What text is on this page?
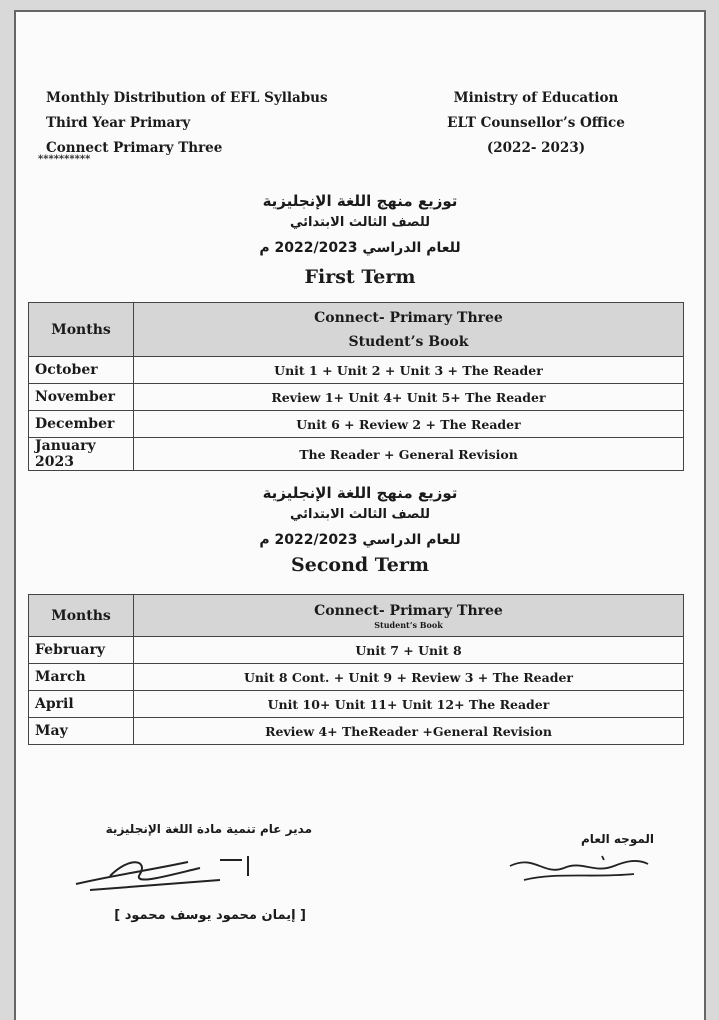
Monthly Distribution of EFL Syllabus
Third Year Primary
Connect Primary Three
**********
Ministry of Education
ELT Counsellor’s Office
(2022- 2023)
توزيع منهج اللغة الإنجليزية
للصف الثالث الابتدائي
للعام الدراسي 2022/2023 م
First Term
Months	Connect- Primary Three
Student’s Book

October	Unit 1 + Unit 2 + Unit 3 + The Reader
November	Review 1+ Unit 4+ Unit 5+ The Reader
December	Unit 6 + Review 2 + The Reader
January 2023	The Reader + General Revision
توزيع منهج اللغة الإنجليزية
للصف الثالث الابتدائي
للعام الدراسي 2022/2023 م
Second Term
Months	Connect- Primary Three
Student’s Book

February	Unit 7 + Unit 8
March	Unit 8 Cont. + Unit 9 + Review 3 + The Reader
April	Unit 10+ Unit 11+ Unit 12+ The Reader
May	Review 4+ TheReader +General Revision
مدير عام تنمية مادة اللغة الإنجليزية
[ إيمان محمود يوسف محمود ]
الموجه العام
